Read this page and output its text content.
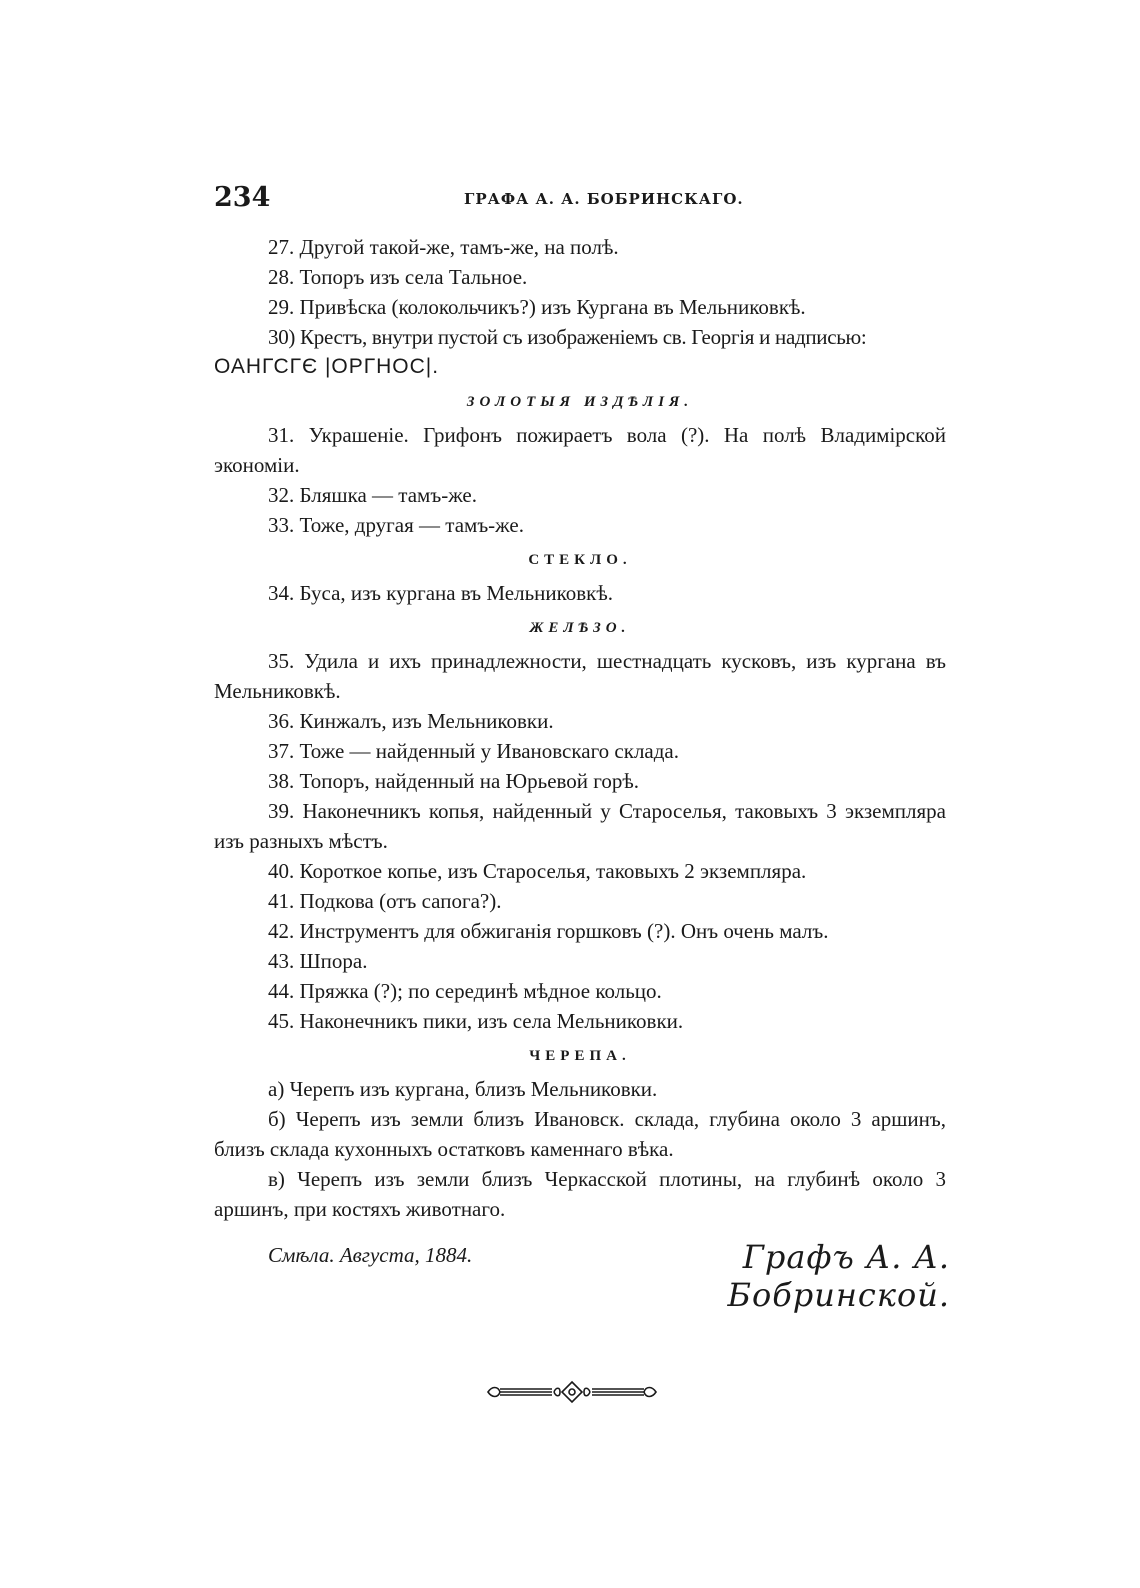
234	ГРАФА А. А. БОБРИНСКАГО.

27. Другой такой-же, тамъ-же, на полѣ.

28. Топоръ изъ села Тальное.

29. Привѣска (колокольчикъ?) изъ Кургана въ Мельниковкѣ.

30) Крестъ, внутри пустой съ изображеніемъ св. Георгія и надписью:

ОАНГСГЄ |ОРГНОС|.

ЗОЛОТЫЯ ИЗДѢЛІЯ.

31. Украшеніе. Грифонъ пожираетъ вола (?). На полѣ Владимірской экономіи.

32. Бляшка — тамъ-же.

33. Тоже, другая — тамъ-же.

СТЕКЛО.

34. Буса, изъ кургана въ Мельниковкѣ.

ЖЕЛѢЗО.

35. Удила и ихъ принадлежности, шестнадцать кусковъ, изъ кургана въ Мельниковкѣ.

36. Кинжалъ, изъ Мельниковки.

37. Тоже — найденный у Ивановскаго склада.

38. Топоръ, найденный на Юрьевой горѣ.

39. Наконечникъ копья, найденный у Староселья, таковыхъ 3 экземпляра изъ разныхъ мѣстъ.

40. Короткое копье, изъ Староселья, таковыхъ 2 экземпляра.

41. Подкова (отъ сапога?).

42. Инструментъ для обжиганія горшковъ (?). Онъ очень малъ.

43. Шпора.

44. Пряжка (?); по серединѣ мѣдное кольцо.

45. Наконечникъ пики, изъ села Мельниковки.

ЧЕРЕПА.

а) Черепъ изъ кургана, близъ Мельниковки.

б) Черепъ изъ земли близъ Ивановск. склада, глубина около 3 аршинъ, близъ склада кухонныхъ остатковъ каменнаго вѣка.

в) Черепъ изъ земли близъ Черкасской плотины, на глубинѣ около 3 аршинъ, при костяхъ животнаго.

Смѣла. Августа, 1884.	Графъ А. А. Бобринской.
